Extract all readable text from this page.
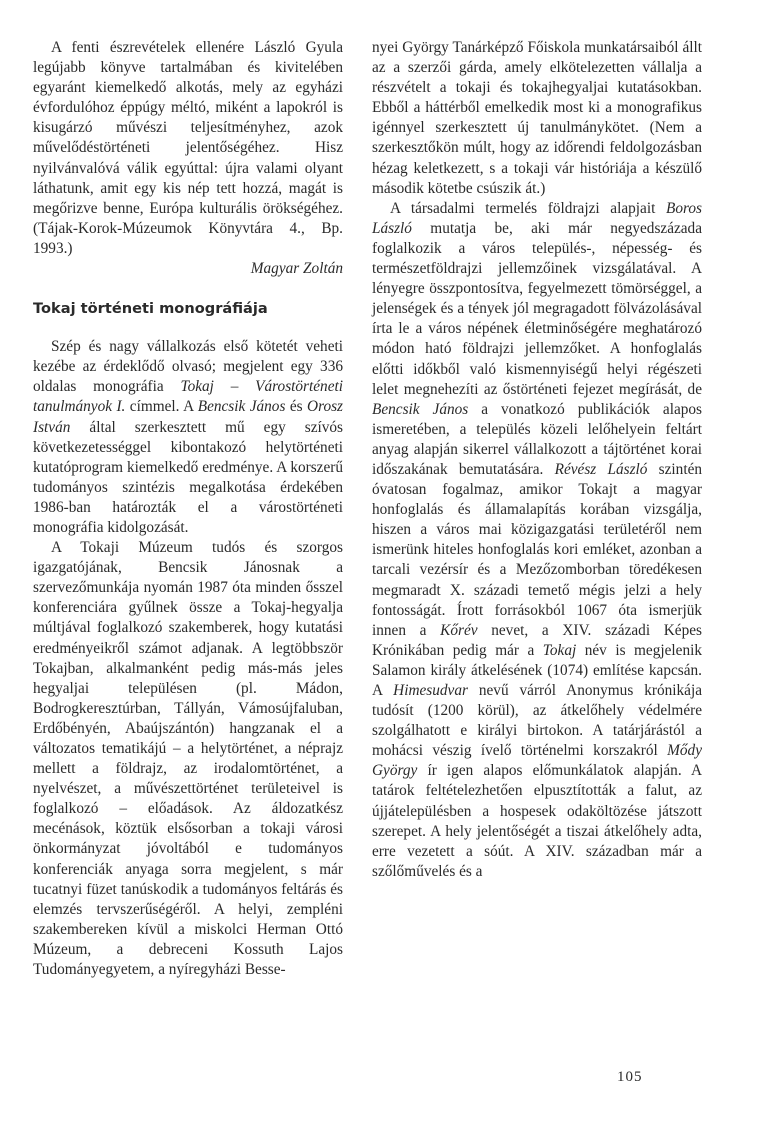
A fenti észrevételek ellenére László Gyula legújabb könyve tartalmában és kivitelében egyaránt kiemelkedő alkotás, mely az egyházi évfordulóhoz éppúgy méltó, miként a lapokról is kisugárzó művészi teljesítményhez, azok művelődéstörténeti jelentőségéhez. Hisz nyilvánvalóvá válik egyúttal: újra valami olyant láthatunk, amit egy kis nép tett hozzá, magát is megőrizve benne, Európa kulturális örökségéhez. (Tájak-Korok-Múzeumok Könyvtára 4., Bp. 1993.)

Magyar Zoltán

Tokaj történeti monográfiája

Szép és nagy vállalkozás első kötetét veheti kezébe az érdeklődő olvasó; megjelent egy 336 oldalas monográfia Tokaj – Várostörténeti tanulmányok I. címmel. A Bencsik János és Orosz István által szerkesztett mű egy szívós következetességgel kibontakozó helytörténeti kutatóprogram kiemelkedő eredménye. A korszerű tudományos szintézis megalkotása érdekében 1986-ban határozták el a várostörténeti monográfia kidolgozását.

A Tokaji Múzeum tudós és szorgos igazgatójának, Bencsik Jánosnak a szervezőmunkája nyomán 1987 óta minden ősszel konferenciára gyűlnek össze a Tokaj-hegyalja múltjával foglalkozó szakemberek, hogy kutatási eredményeikről számot adjanak. A legtöbbször Tokajban, alkalmanként pedig más-más jeles hegyaljai településen (pl. Mádon, Bodrogkeresztúrban, Tállyán, Vámosújfaluban, Erdőbényén, Abaújszántón) hangzanak el a változatos tematikájú – a helytörténet, a néprajz mellett a földrajz, az irodalomtörténet, a nyelvészet, a művészettörténet területeivel is foglalkozó – előadások. Az áldozatkész mecénások, köztük elsősorban a tokaji városi önkormányzat jóvoltából e tudományos konferenciák anyaga sorra megjelent, s már tucatnyi füzet tanúskodik a tudományos feltárás és elemzés tervszerűségéről. A helyi, zempléni szakembereken kívül a miskolci Herman Ottó Múzeum, a debreceni Kossuth Lajos Tudományegyetem, a nyíregyházi Besse-

nyei György Tanárképző Főiskola munkatársaiból állt az a szerzői gárda, amely elkötelezetten vállalja a részvételt a tokaji és tokajhegyaljai kutatásokban. Ebből a háttérből emelkedik most ki a monografikus igénnyel szerkesztett új tanulmánykötet. (Nem a szerkesztőkön múlt, hogy az időrendi feldolgozásban hézag keletkezett, s a tokaji vár históriája a készülő második kötetbe csúszik át.)

A társadalmi termelés földrajzi alapjait Boros László mutatja be, aki már negyedszázada foglalkozik a város település-, népesség- és természetföldrajzi jellemzőinek vizsgálatával. A lényegre összpontosítva, fegyelmezett tömörséggel, a jelenségek és a tények jól megragadott fölvázolásával írta le a város népének életminőségére meghatározó módon ható földrajzi jellemzőket. A honfoglalás előtti időkből való kismennyiségű helyi régészeti lelet megnehezíti az őstörténeti fejezet megírását, de Bencsik János a vonatkozó publikációk alapos ismeretében, a település közeli lelőhelyein feltárt anyag alapján sikerrel vállalkozott a tájtörténet korai időszakának bemutatására. Révész László szintén óvatosan fogalmaz, amikor Tokajt a magyar honfoglalás és államalapítás korában vizsgálja, hiszen a város mai közigazgatási területéről nem ismerünk hiteles honfoglalás kori emléket, azonban a tarcali vezérsír és a Mezőzomborban töredékesen megmaradt X. századi temető mégis jelzi a hely fontosságát. Írott forrásokból 1067 óta ismerjük innen a Kőrév nevet, a XIV. századi Képes Krónikában pedig már a Tokaj név is megjelenik Salamon király átkelésének (1074) említése kapcsán. A Himesudvar nevű várról Anonymus krónikája tudósít (1200 körül), az átkelőhely védelmére szolgálhatott e királyi birtokon. A tatárjárástól a mohácsi vészig ívelő történelmi korszakról Mődy György ír igen alapos előmunkálatok alapján. A tatárok feltételezhetően elpusztították a falut, az újjátelepülésben a hospesek odaköltözése játszott szerepet. A hely jelentőségét a tiszai átkelőhely adta, erre vezetett a sóút. A XIV. században már a szőlőművelés és a

105
